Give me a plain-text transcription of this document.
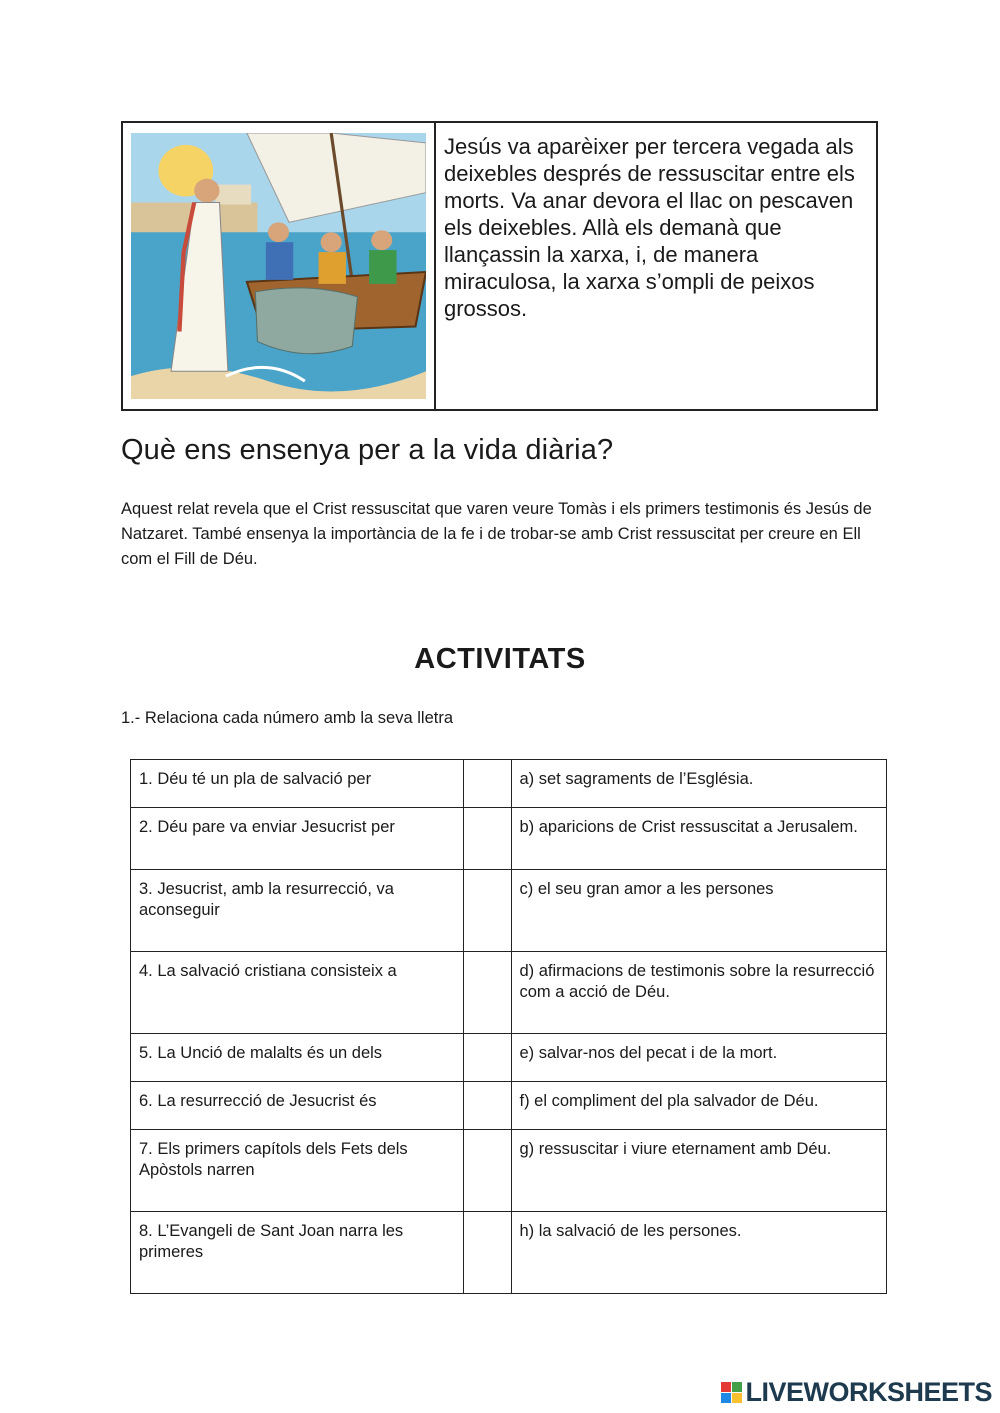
Jesús va aparèixer per tercera vegada als deixebles després de ressuscitar entre els morts. Va anar devora el llac on pescaven els deixebles. Allà els demanà que llançassin la xarxa, i, de manera miraculosa, la xarxa s’ompli de peixos grossos.
Què ens ensenya per a la vida diària?

Aquest relat revela que el Crist ressuscitat que varen veure Tomàs i els primers testimonis és Jesús de Natzaret. També ensenya la importància de la fe i de trobar-se amb Crist ressuscitat per creure en Ell com el Fill de Déu.

ACTIVITATS

1.- Relaciona cada número amb la seva lletra

1. Déu té un pla de salvació per		a) set sagraments de l’Església.
2. Déu pare va enviar Jesucrist per		b) aparicions de Crist ressuscitat a Jerusalem.
3. Jesucrist, amb la resurrecció, va aconseguir		c) el seu gran amor a les persones
4. La salvació cristiana consisteix a		d) afirmacions de testimonis sobre la resurrecció com a acció de Déu.
5. La Unció de malalts és un dels		e) salvar-nos del pecat i de la mort.
6. La resurrecció de Jesucrist és		f) el compliment del pla salvador de Déu.
7. Els primers capítols dels Fets dels Apòstols narren		g) ressuscitar i viure eternament amb Déu.
8. L’Evangeli de Sant Joan narra les primeres		h) la salvació de les persones.
LIVEWORKSHEETS
